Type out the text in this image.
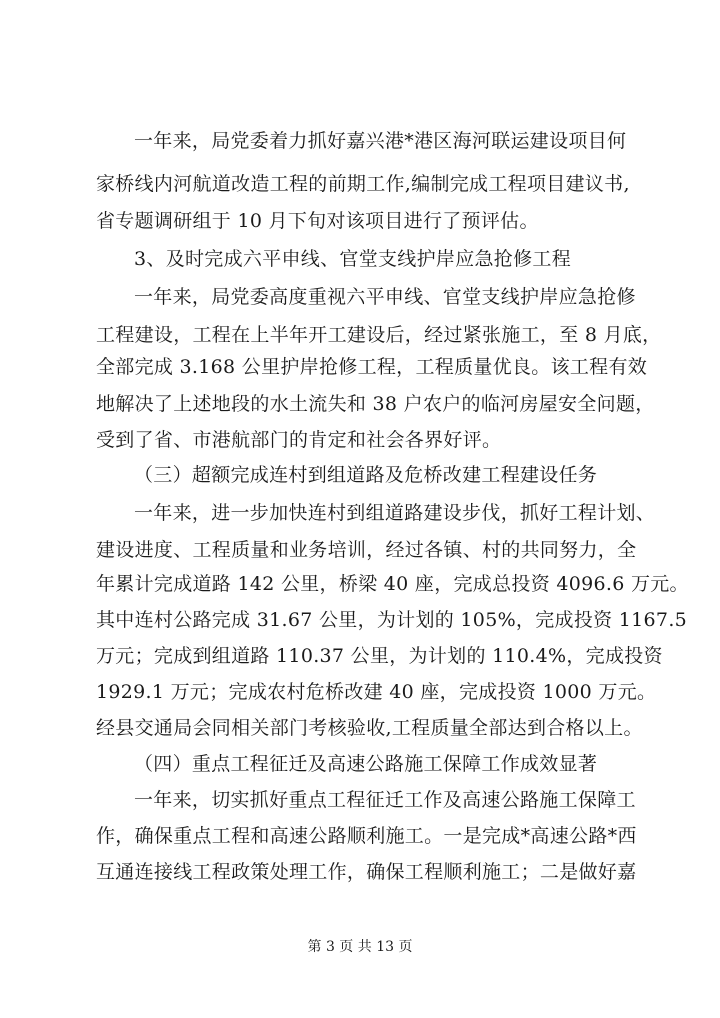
一年来，局党委着力抓好嘉兴港*港区海河联运建设项目何
家桥线内河航道改造工程的前期工作,编制完成工程项目建议书,
省专题调研组于 10 月下旬对该项目进行了预评估。
3、及时完成六平申线、官堂支线护岸应急抢修工程
一年来，局党委高度重视六平申线、官堂支线护岸应急抢修
工程建设，工程在上半年开工建设后，经过紧张施工，至 8 月底，
全部完成 3.168 公里护岸抢修工程，工程质量优良。该工程有效
地解决了上述地段的水土流失和 38 户农户的临河房屋安全问题，
受到了省、市港航部门的肯定和社会各界好评。
（三）超额完成连村到组道路及危桥改建工程建设任务
一年来，进一步加快连村到组道路建设步伐，抓好工程计划、
建设进度、工程质量和业务培训，经过各镇、村的共同努力，全
年累计完成道路 142 公里，桥梁 40 座，完成总投资 4096.6 万元。
其中连村公路完成 31.67 公里，为计划的 105%，完成投资 1167.5
万元；完成到组道路 110.37 公里，为计划的 110.4%，完成投资
1929.1 万元；完成农村危桥改建 40 座，完成投资 1000 万元。
经县交通局会同相关部门考核验收,工程质量全部达到合格以上。
（四）重点工程征迁及高速公路施工保障工作成效显著
一年来，切实抓好重点工程征迁工作及高速公路施工保障工
作，确保重点工程和高速公路顺利施工。一是完成*高速公路*西
互通连接线工程政策处理工作，确保工程顺利施工；二是做好嘉
第 3 页 共 13 页
